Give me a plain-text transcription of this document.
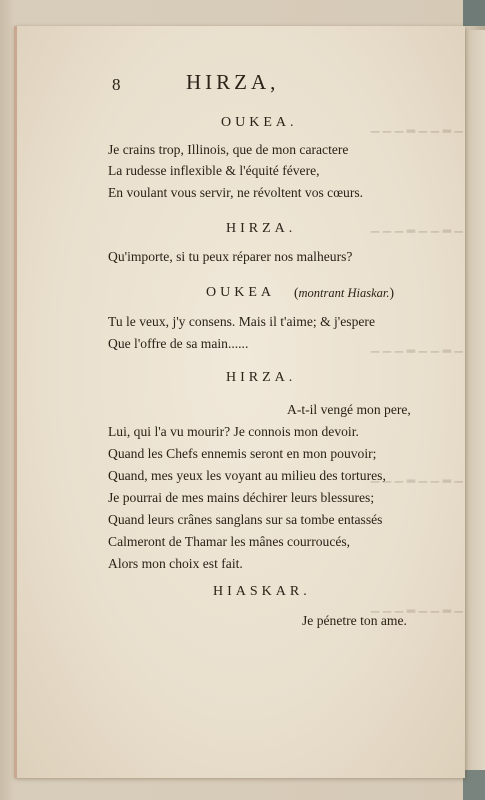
▁ ▂ ▁ ▁ ▂ ▁ ▁ ▁
▁ ▂ ▁ ▁ ▂ ▁ ▁ ▁
▁ ▂ ▁ ▁ ▂ ▁ ▁ ▁
▁ ▂ ▁ ▁ ▂ ▁ ▁ ▁
▁ ▂ ▁ ▁ ▂ ▁ ▁ ▁
8	HIRZA,
OUKEA.
Je crains trop, Illinois, que de mon caractere
La rudesse inflexible & l'équité févere,
En voulant vous servir, ne révoltent vos cœurs.
HIRZA.
Qu'importe, si tu peux réparer nos malheurs?
OUKEA (montrant Hiaskar.)
Tu le veux, j'y consens. Mais il t'aime; & j'espere
Que l'offre de sa main......
HIRZA.
A-t-il vengé mon pere,
Lui, qui l'a vu mourir? Je connois mon devoir.
Quand les Chefs ennemis seront en mon pouvoir;
Quand, mes yeux les voyant au milieu des tortures,
Je pourrai de mes mains déchirer leurs blessures;
Quand leurs crânes sanglans sur sa tombe entassés
Calmeront de Thamar les mânes courroucés,
Alors mon choix est fait.
HIASKAR.
Je pénetre ton ame.
